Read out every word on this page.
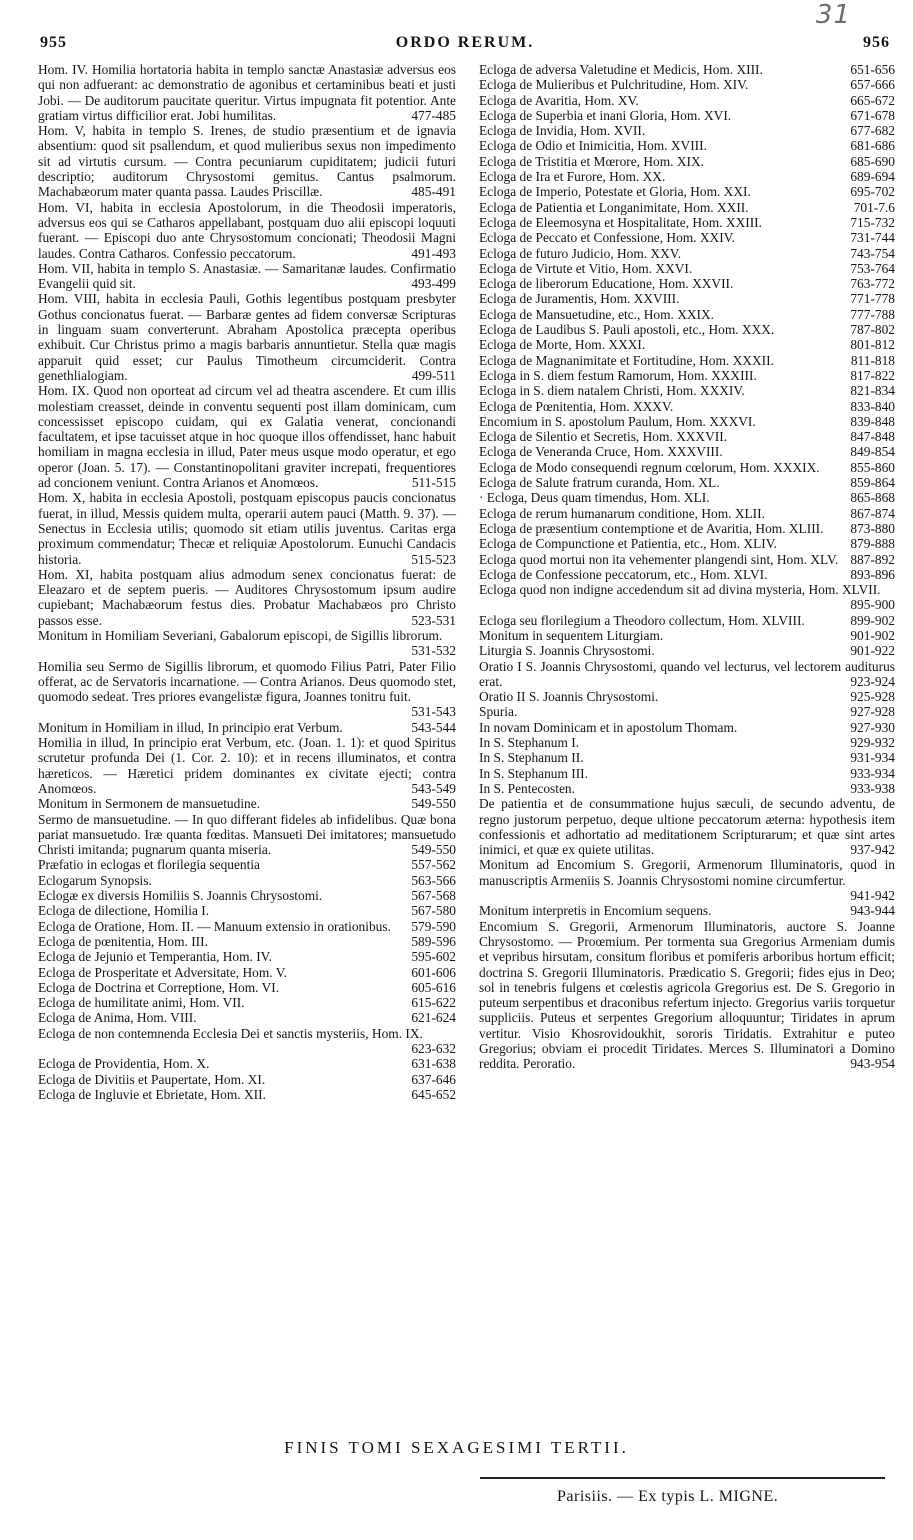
31
955	ORDO RERUM.	956

Hom. IV. Homilia hortatoria habita in templo sanctæ Anastasiæ adversus eos qui non adfuerant: ac demonstratio de agonibus et certaminibus beati et justi Jobi. — De auditorum paucitate queritur. Virtus impugnata fit potentior. Ante gratiam virtus difficilior erat. Jobi humilitas.	477-485

Hom. V, habita in templo S. Irenes, de studio præsentium et de ignavia absentium: quod sit psallendum, et quod mulieribus sexus non impedimento sit ad virtutis cursum. — Contra pecuniarum cupiditatem; judicii futuri descriptio; auditorum Chrysostomi gemitus. Cantus psalmorum. Machabæorum mater quanta passa. Laudes Priscillæ.	485-491

Hom. VI, habita in ecclesia Apostolorum, in die Theodosii imperatoris, adversus eos qui se Catharos appellabant, postquam duo alii episcopi loquuti fuerant. — Episcopi duo ante Chrysostomum concionati; Theodosii Magni laudes. Contra Catharos. Confessio peccatorum.	491-493

Hom. VII, habita in templo S. Anastasiæ. — Samaritanæ laudes. Confirmatio Evangelii quid sit.	493-499

Hom. VIII, habita in ecclesia Pauli, Gothis legentibus postquam presbyter Gothus concionatus fuerat. — Barbaræ gentes ad fidem conversæ Scripturas in linguam suam converterunt. Abraham Apostolica præcepta operibus exhibuit. Cur Christus primo a magis barbaris annuntietur. Stella quæ magis apparuit quid esset; cur Paulus Timotheum circumciderit. Contra genethlialogiam.	499-511

Hom. IX. Quod non oporteat ad circum vel ad theatra ascendere. Et cum illis molestiam creasset, deinde in conventu sequenti post illam dominicam, cum concessisset episcopo cuidam, qui ex Galatia venerat, concionandi facultatem, et ipse tacuisset atque in hoc quoque illos offendisset, hanc habuit homiliam in magna ecclesia in illud, Pater meus usque modo operatur, et ego operor (Joan. 5. 17). — Constantinopolitani graviter increpati, frequentiores ad concionem veniunt. Contra Arianos et Anomœos.	511-515

Hom. X, habita in ecclesia Apostoli, postquam episcopus paucis concionatus fuerat, in illud, Messis quidem multa, operarii autem pauci (Matth. 9. 37). — Senectus in Ecclesia utilis; quomodo sit etiam utilis juventus. Caritas erga proximum commendatur; Thecæ et reliquiæ Apostolorum. Eunuchi Candacis historia.	515-523

Hom. XI, habita postquam alius admodum senex concionatus fuerat: de Eleazaro et de septem pueris. — Auditores Chrysostomum ipsum audire cupiebant; Machabæorum festus dies. Probatur Machabæos pro Christo passos esse.	523-531

Monitum in Homiliam Severiani, Gabalorum episcopi, de Sigillis librorum.
531-532

Homilia seu Sermo de Sigillis librorum, et quomodo Filius Patri, Pater Filio offerat, ac de Servatoris incarnatione. — Contra Arianos. Deus quomodo stet, quomodo sedeat. Tres priores evangelistæ figura, Joannes tonitru fuit.
531-543

Monitum in Homiliam in illud, In principio erat Verbum.	543-544

Homilia in illud, In principio erat Verbum, etc. (Joan. 1. 1): et quod Spiritus scrutetur profunda Dei (1. Cor. 2. 10): et in recens illuminatos, et contra hæreticos. — Hæretici pridem dominantes ex civitate ejecti; contra Anomœos.	543-549

Monitum in Sermonem de mansuetudine.	549-550

Sermo de mansuetudine. — In quo differant fideles ab infidelibus. Quæ bona pariat mansuetudo. Iræ quanta fœditas. Mansueti Dei imitatores; mansuetudo Christi imitanda; pugnarum quanta miseria.	549-550

Præfatio in eclogas et florilegia sequentia	557-562

Eclogarum Synopsis.	563-566

Eclogæ ex diversis Homiliis S. Joannis Chrysostomi.	567-568

Ecloga de dilectione, Homilia I.	567-580

Ecloga de Oratione, Hom. II. — Manuum extensio in orationibus.	579-590

Ecloga de pœnitentia, Hom. III.	589-596

Ecloga de Jejunio et Temperantia, Hom. IV.	595-602

Ecloga de Prosperitate et Adversitate, Hom. V.	601-606

Ecloga de Doctrina et Correptione, Hom. VI.	605-616

Ecloga de humilitate animi, Hom. VII.	615-622

Ecloga de Anima, Hom. VIII.	621-624

Ecloga de non contemnenda Ecclesia Dei et sanctis mysteriis, Hom. IX.
623-632

Ecloga de Providentia, Hom. X.	631-638

Ecloga de Divitiis et Paupertate, Hom. XI.	637-646

Ecloga de Ingluvie et Ebrietate, Hom. XII.	645-652

Ecloga de adversa Valetudine et Medicis, Hom. XIII.	651-656

Ecloga de Mulieribus et Pulchritudine, Hom. XIV.	657-666

Ecloga de Avaritia, Hom. XV.	665-672

Ecloga de Superbia et inani Gloria, Hom. XVI.	671-678

Ecloga de Invidia, Hom. XVII.	677-682

Ecloga de Odio et Inimicitia, Hom. XVIII.	681-686

Ecloga de Tristitia et Mœrore, Hom. XIX.	685-690

Ecloga de Ira et Furore, Hom. XX.	689-694

Ecloga de Imperio, Potestate et Gloria, Hom. XXI.	695-702

Ecloga de Patientia et Longanimitate, Hom. XXII.	701-7.6

Ecloga de Eleemosyna et Hospitalitate, Hom. XXIII.	715-732

Ecloga de Peccato et Confessione, Hom. XXIV.	731-744

Ecloga de futuro Judicio, Hom. XXV.	743-754

Ecloga de Virtute et Vitio, Hom. XXVI.	753-764

Ecloga de liberorum Educatione, Hom. XXVII.	763-772

Ecloga de Juramentis, Hom. XXVIII.	771-778

Ecloga de Mansuetudine, etc., Hom. XXIX.	777-788

Ecloga de Laudibus S. Pauli apostoli, etc., Hom. XXX.	787-802

Ecloga de Morte, Hom. XXXI.	801-812

Ecloga de Magnanimitate et Fortitudine, Hom. XXXII.	811-818

Ecloga in S. diem festum Ramorum, Hom. XXXIII.	817-822

Ecloga in S. diem natalem Christi, Hom. XXXIV.	821-834

Ecloga de Pœnitentia, Hom. XXXV.	833-840

Encomium in S. apostolum Paulum, Hom. XXXVI.	839-848

Ecloga de Silentio et Secretis, Hom. XXXVII.	847-848

Ecloga de Veneranda Cruce, Hom. XXXVIII.	849-854

Ecloga de Modo consequendi regnum cœlorum, Hom. XXXIX.	855-860

Ecloga de Salute fratrum curanda, Hom. XL.	859-864

· Ecloga, Deus quam timendus, Hom. XLI.	865-868

Ecloga de rerum humanarum conditione, Hom. XLII.	867-874

Ecloga de præsentium contemptione et de Avaritia, Hom. XLIII.	873-880

Ecloga de Compunctione et Patientia, etc., Hom. XLIV.	879-888

Ecloga quod mortui non ita vehementer plangendi sint, Hom. XLV. 887-892

Ecloga de Confessione peccatorum, etc., Hom. XLVI.	893-896

Ecloga quod non indigne accedendum sit ad divina mysteria, Hom. XLVII.
895-900

Ecloga seu florilegium a Theodoro collectum, Hom. XLVIII.	899-902

Monitum in sequentem Liturgiam.	901-902

Liturgia S. Joannis Chrysostomi.	901-922

Oratio I S. Joannis Chrysostomi, quando vel lecturus, vel lectorem auditurus erat.	923-924

Oratio II S. Joannis Chrysostomi.	925-928

Spuria.	927-928

In novam Dominicam et in apostolum Thomam.	927-930

In S. Stephanum I.	929-932

In S. Stephanum II.	931-934

In S. Stephanum III.	933-934

In S. Pentecosten.	933-938

De patientia et de consummatione hujus sæculi, de secundo adventu, de regno justorum perpetuo, deque ultione peccatorum æterna: hypothesis item confessionis et adhortatio ad meditationem Scripturarum; et quæ sint artes inimici, et quæ ex quiete utilitas.	937-942

Monitum ad Encomium S. Gregorii, Armenorum Illuminatoris, quod in manuscriptis Armeniis S. Joannis Chrysostomi nomine circumfertur.
941-942

Monitum interpretis in Encomium sequens.	943-944

Encomium S. Gregorii, Armenorum Illuminatoris, auctore S. Joanne Chrysostomo. — Proœmium. Per tormenta sua Gregorius Armeniam dumis et vepribus hirsutam, consitum floribus et pomiferis arboribus hortum efficit; doctrina S. Gregorii Illuminatoris. Prædicatio S. Gregorii; fides ejus in Deo; sol in tenebris fulgens et cœlestis agricola Gregorius est. De S. Gregorio in puteum serpentibus et draconibus refertum injecto. Gregorius variis torquetur suppliciis. Puteus et serpentes Gregorium alloquuntur; Tiridates in aprum vertitur. Visio Khosrovidoukhit, sororis Tiridatis. Extrahitur e puteo Gregorius; obviam ei procedit Tiridates. Merces S. Illuminatori a Domino reddita. Peroratio.	943-954

FINIS TOMI SEXAGESIMI TERTII.
Parisiis. — Ex typis L. MIGNE.
